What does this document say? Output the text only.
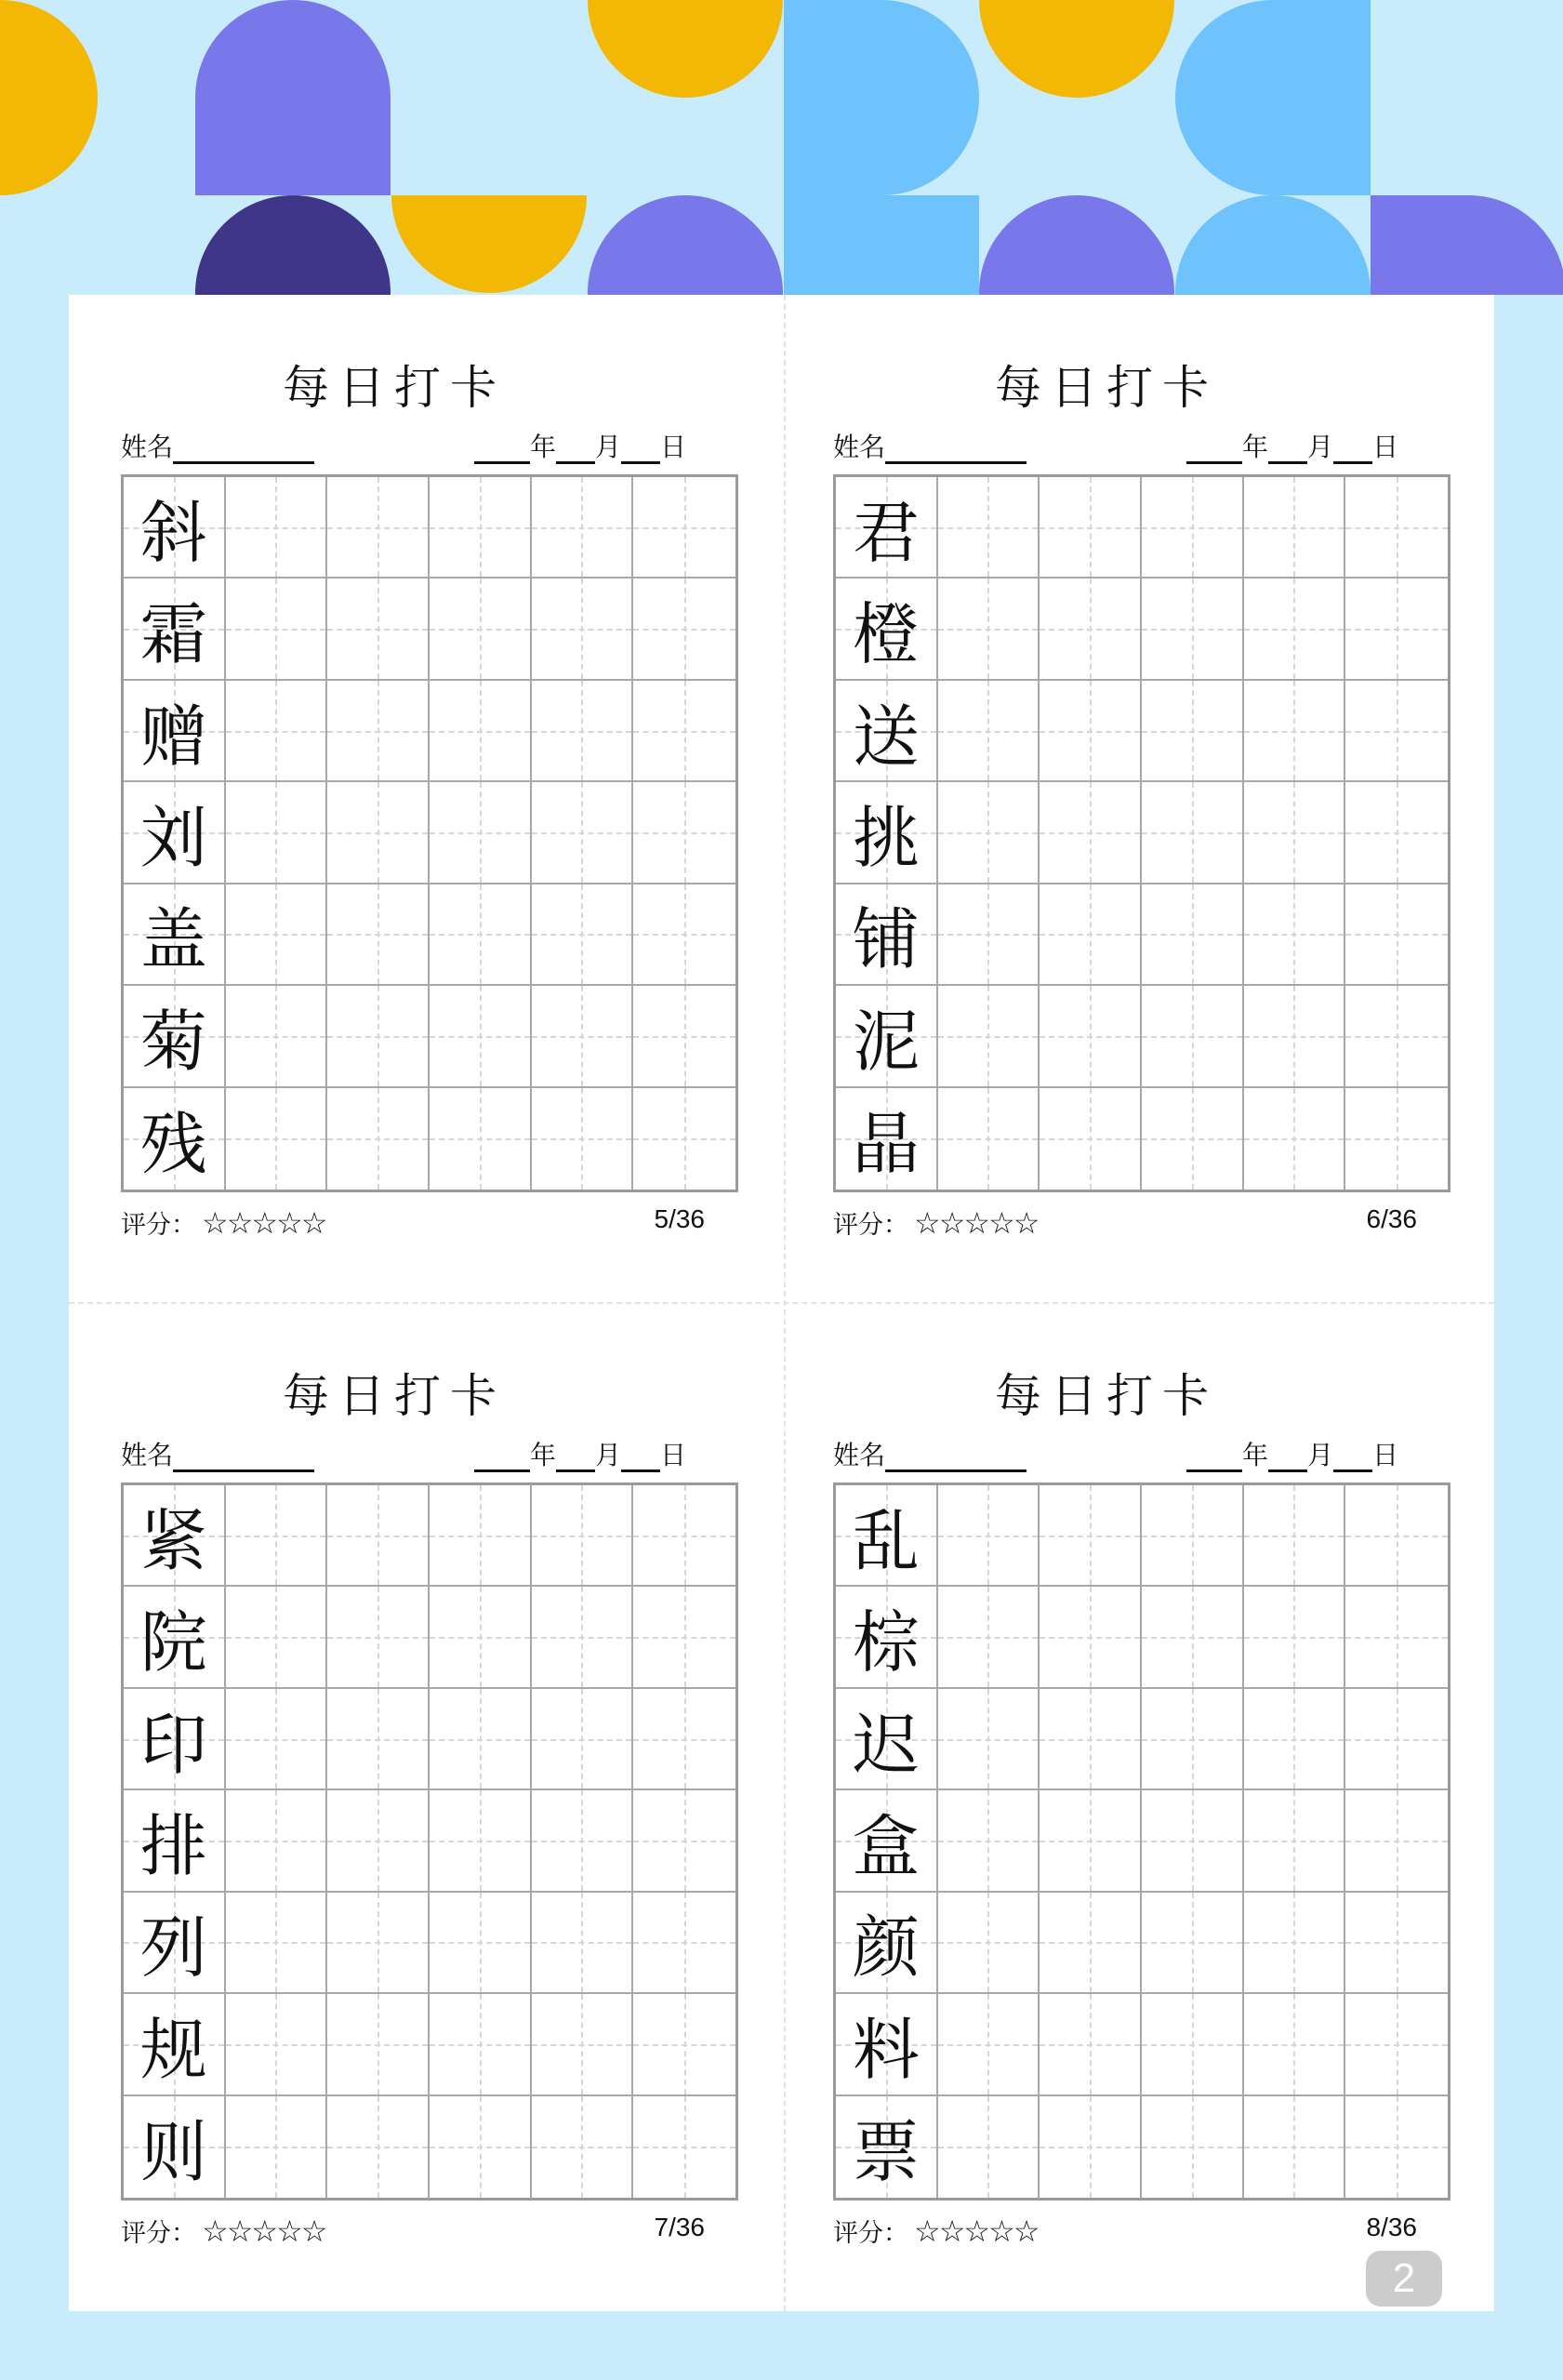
每日打卡
姓名	年 月 日
斜
霜
赠
刘
盖
菊
残
评分： ☆☆☆☆☆	5/36
每日打卡
姓名	年 月 日
君
橙
送
挑
铺
泥
晶
评分： ☆☆☆☆☆	6/36
每日打卡
姓名	年 月 日
紧
院
印
排
列
规
则
评分： ☆☆☆☆☆	7/36
每日打卡
姓名	年 月 日
乱
棕
迟
盒
颜
料
票
评分： ☆☆☆☆☆	8/36
2
